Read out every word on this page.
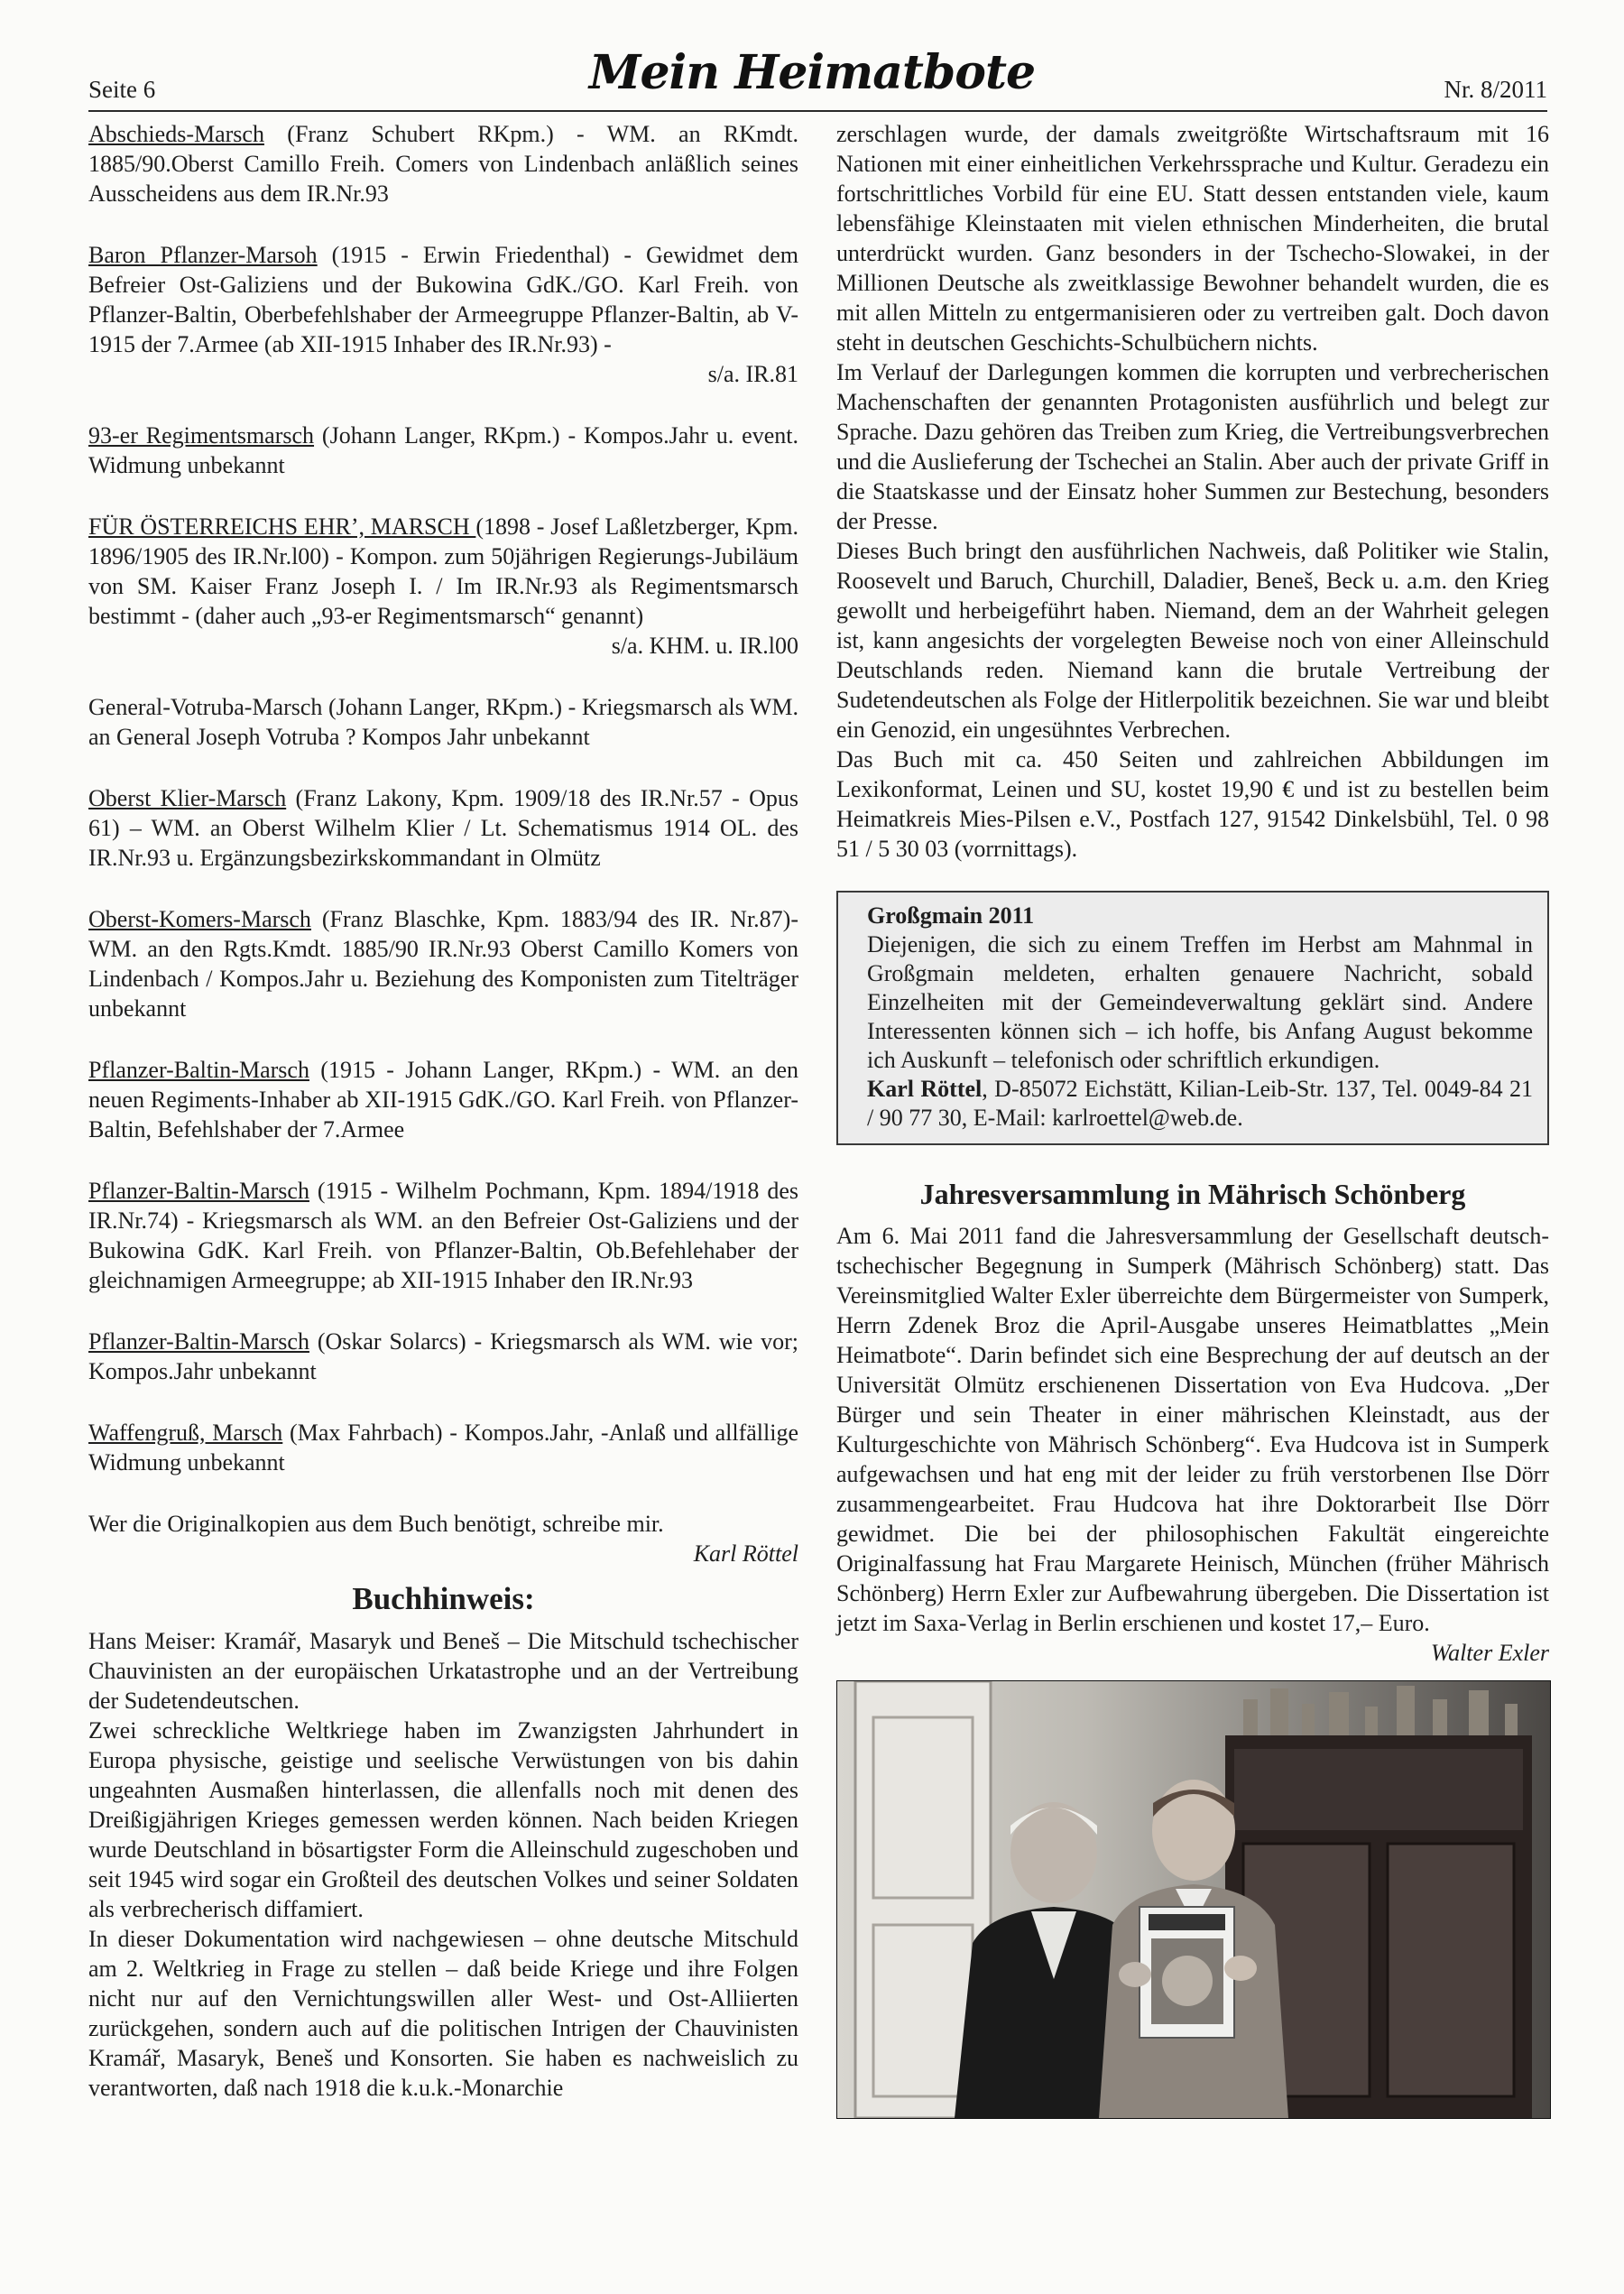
Seite 6	Mein Heimatbote	Nr. 8/2011

Abschieds-Marsch (Franz Schubert RKpm.) - WM. an RKmdt. 1885/90.Oberst Camillo Freih. Comers von Lindenbach anläßlich seines Ausscheidens aus dem IR.Nr.93

Baron Pflanzer-Marsoh (1915 - Erwin Friedenthal) - Gewidmet dem Befreier Ost-Galiziens und der Bukowina GdK./GO. Karl Freih. von Pflanzer-Baltin, Oberbefehlshaber der Armeegruppe Pflanzer-Baltin, ab V-1915 der 7.Armee (ab XII-1915 Inhaber des IR.Nr.93) -
s/a. IR.81

93-er Regimentsmarsch (Johann Langer, RKpm.) - Kompos.Jahr u. event. Widmung unbekannt

FÜR ÖSTERREICHS EHR’, MARSCH (1898 - Josef Laßletzberger, Kpm. 1896/1905 des IR.Nr.l00) - Kompon. zum 50jährigen Regierungs-Jubiläum von SM. Kaiser Franz Joseph I. / Im IR.Nr.93 als Regimentsmarsch bestimmt - (daher auch „93-er Regimentsmarsch“ genannt)
s/a. KHM. u. IR.l00

General-Votruba-Marsch (Johann Langer, RKpm.) - Kriegsmarsch als WM. an General Joseph Votruba ? Kompos Jahr unbekannt

Oberst Klier-Marsch (Franz Lakony, Kpm. 1909/18 des IR.Nr.57 - Opus 61) – WM. an Oberst Wilhelm Klier / Lt. Schematismus 1914 OL. des IR.Nr.93 u. Ergänzungsbezirkskommandant in Olmütz

Oberst-Komers-Marsch (Franz Blaschke, Kpm. 1883/94 des IR. Nr.87)- WM. an den Rgts.Kmdt. 1885/90 IR.Nr.93 Oberst Camillo Komers von Lindenbach / Kompos.Jahr u. Beziehung des Komponisten zum Titelträger unbekannt

Pflanzer-Baltin-Marsch (1915 - Johann Langer, RKpm.) - WM. an den neuen Regiments-Inhaber ab XII-1915 GdK./GO. Karl Freih. von Pflanzer-Baltin, Befehlshaber der 7.Armee

Pflanzer-Baltin-Marsch (1915 - Wilhelm Pochmann, Kpm. 1894/1918 des IR.Nr.74) - Kriegsmarsch als WM. an den Befreier Ost-Galiziens und der Bukowina GdK. Karl Freih. von Pflanzer-Baltin, Ob.Befehlehaber der gleichnamigen Armeegruppe; ab XII-1915 Inhaber den IR.Nr.93

Pflanzer-Baltin-Marsch (Oskar Solarcs) - Kriegsmarsch als WM. wie vor; Kompos.Jahr unbekannt

Waffengruß, Marsch (Max Fahrbach) - Kompos.Jahr, -Anlaß und allfällige Widmung unbekannt

Wer die Originalkopien aus dem Buch benötigt, schreibe mir.

Karl Röttel

Buchhinweis:

Hans Meiser: Kramář, Masaryk und Beneš – Die Mitschuld tschechischer Chauvinisten an der europäischen Urkatastrophe und an der Vertreibung der Sudetendeutschen.

Zwei schreckliche Weltkriege haben im Zwanzigsten Jahrhundert in Europa physische, geistige und seelische Verwüstungen von bis dahin ungeahnten Ausmaßen hinterlassen, die allenfalls noch mit denen des Dreißigjährigen Krieges gemessen werden können. Nach beiden Kriegen wurde Deutschland in bösartigster Form die Alleinschuld zugeschoben und seit 1945 wird sogar ein Großteil des deutschen Volkes und seiner Soldaten als verbrecherisch diffamiert.

In dieser Dokumentation wird nachgewiesen – ohne deutsche Mitschuld am 2. Weltkrieg in Frage zu stellen – daß beide Kriege und ihre Folgen nicht nur auf den Vernichtungswillen aller West- und Ost-Alliierten zurückgehen, sondern auch auf die politischen Intrigen der Chauvinisten Kramář, Masaryk, Beneš und Konsorten. Sie haben es nachweislich zu verantworten, daß nach 1918 die k.u.k.-Monarchie

zerschlagen wurde, der damals zweitgrößte Wirtschaftsraum mit 16 Nationen mit einer einheitlichen Verkehrssprache und Kultur. Geradezu ein fortschrittliches Vorbild für eine EU. Statt dessen entstanden viele, kaum lebensfähige Kleinstaaten mit vielen ethnischen Minderheiten, die brutal unterdrückt wurden. Ganz besonders in der Tschecho-Slowakei, in der Millionen Deutsche als zweitklassige Bewohner behandelt wurden, die es mit allen Mitteln zu entgermanisieren oder zu vertreiben galt. Doch davon steht in deutschen Geschichts-Schulbüchern nichts.

Im Verlauf der Darlegungen kommen die korrupten und verbrecherischen Machenschaften der genannten Protagonisten ausführlich und belegt zur Sprache. Dazu gehören das Treiben zum Krieg, die Vertreibungsverbrechen und die Auslieferung der Tschechei an Stalin. Aber auch der private Griff in die Staatskasse und der Einsatz hoher Summen zur Bestechung, besonders der Presse.

Dieses Buch bringt den ausführlichen Nachweis, daß Politiker wie Stalin, Roosevelt und Baruch, Churchill, Daladier, Beneš, Beck u. a.m. den Krieg gewollt und herbeigeführt haben. Niemand, dem an der Wahrheit gelegen ist, kann angesichts der vorgelegten Beweise noch von einer Alleinschuld Deutschlands reden. Niemand kann die brutale Vertreibung der Sudetendeutschen als Folge der Hitlerpolitik bezeichnen. Sie war und bleibt ein Genozid, ein ungesühntes Verbrechen.

Das Buch mit ca. 450 Seiten und zahlreichen Abbildungen im Lexikonformat, Leinen und SU, kostet 19,90 € und ist zu bestellen beim Heimatkreis Mies-Pilsen e.V., Postfach 127, 91542 Dinkelsbühl, Tel. 0 98 51 / 5 30 03 (vorrnittags).

Großgmain 2011
Diejenigen, die sich zu einem Treffen im Herbst am Mahnmal in Großgmain meldeten, erhalten genauere Nachricht, sobald Einzelheiten mit der Gemeindeverwaltung geklärt sind. Andere Interessenten können sich – ich hoffe, bis Anfang August bekomme ich Auskunft – telefonisch oder schriftlich erkundigen.
Karl Röttel, D-85072 Eichstätt, Kilian-Leib-Str. 137, Tel. 0049-84 21 / 90 77 30, E-Mail: karlroettel@web.de.
Jahresversammlung in Mährisch Schönberg

Am 6. Mai 2011 fand die Jahresversammlung der Gesellschaft deutsch-tschechischer Begegnung in Sumperk (Mährisch Schönberg) statt. Das Vereinsmitglied Walter Exler überreichte dem Bürgermeister von Sumperk, Herrn Zdenek Broz die April-Ausgabe unseres Heimatblattes „Mein Heimatbote“. Darin befindet sich eine Besprechung der auf deutsch an der Universität Olmütz erschienenen Dissertation von Eva Hudcova. „Der Bürger und sein Theater in einer mährischen Kleinstadt, aus der Kulturgeschichte von Mährisch Schönberg“. Eva Hudcova ist in Sumperk aufgewachsen und hat eng mit der leider zu früh verstorbenen Ilse Dörr zusammengearbeitet. Frau Hudcova hat ihre Doktorarbeit Ilse Dörr gewidmet. Die bei der philosophischen Fakultät eingereichte Originalfassung hat Frau Margarete Heinisch, München (früher Mährisch Schönberg) Herrn Exler zur Aufbewahrung übergeben. Die Dissertation ist jetzt im Saxa-Verlag in Berlin erschienen und kostet 17,– Euro.

Walter Exler
